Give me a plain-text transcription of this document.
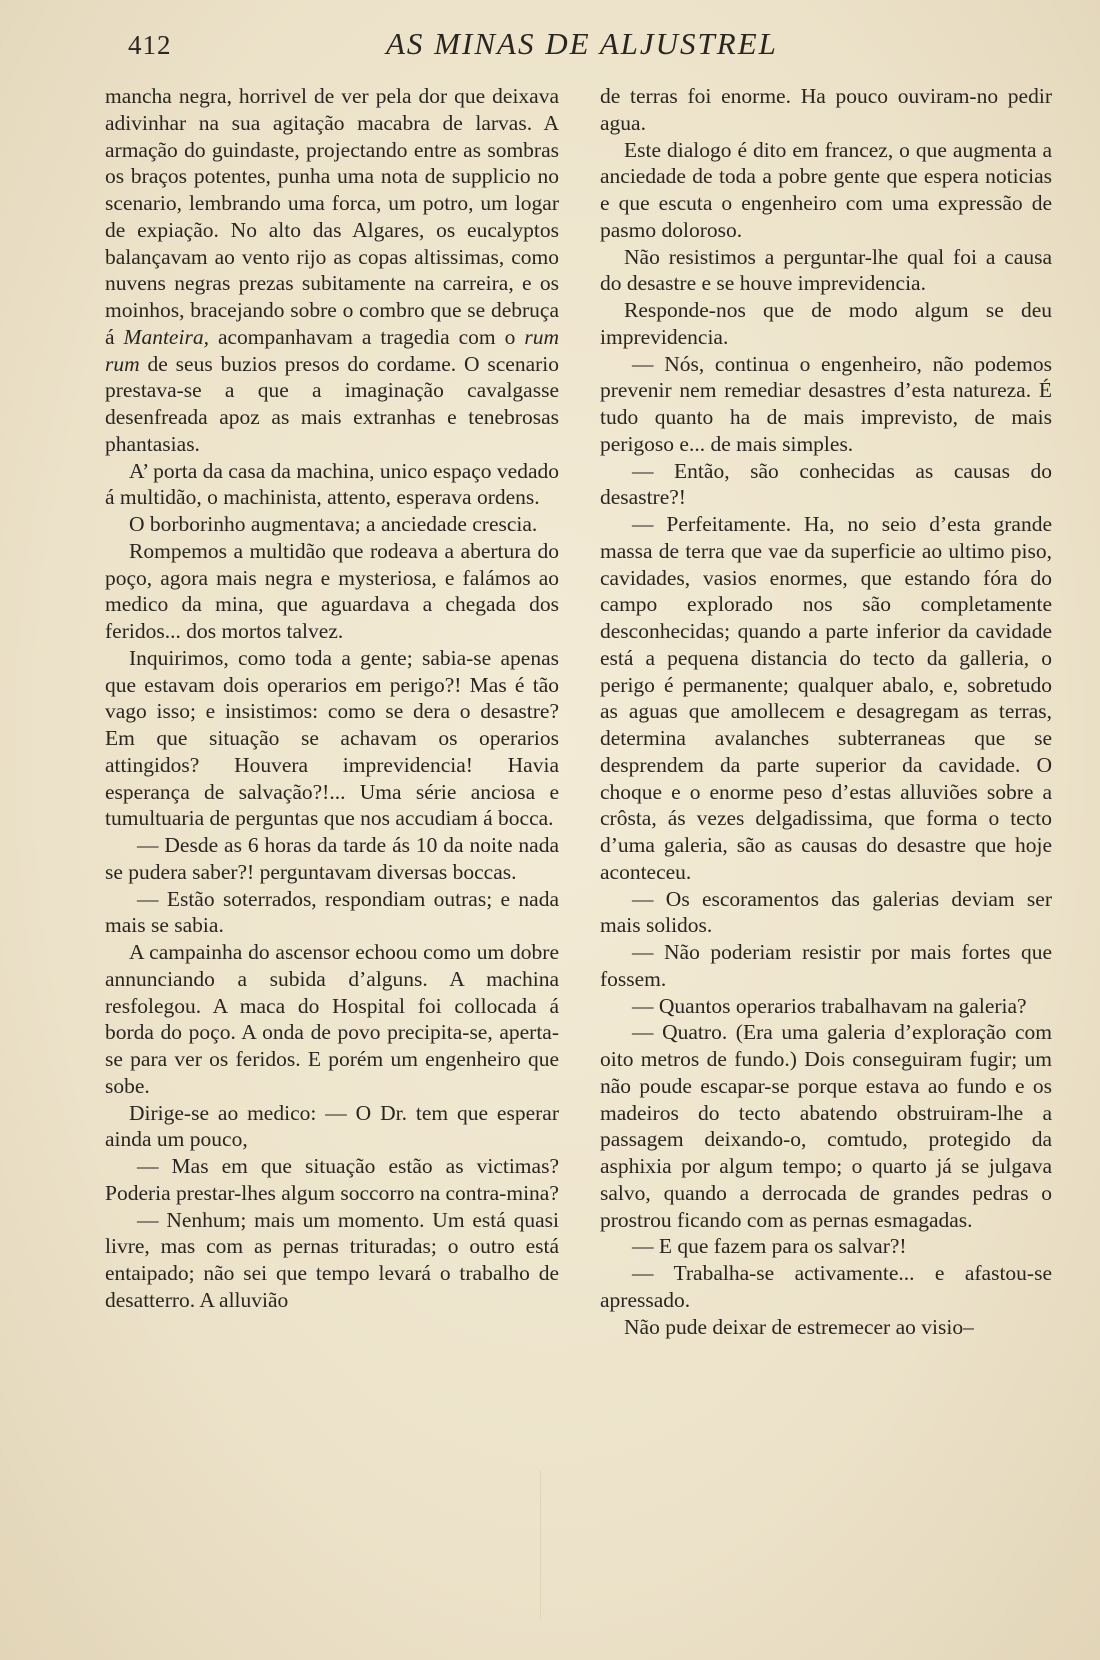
412	AS MINAS DE ALJUSTREL

mancha negra, horrivel de ver pela dor que deixava adivinhar na sua agitação macabra de larvas. A armação do guindaste, projectando entre as sombras os braços potentes, punha uma nota de supplicio no scenario, lembrando uma forca, um potro, um logar de expiação. No alto das Algares, os eucalyptos balançavam ao vento rijo as copas altissimas, como nuvens negras prezas subitamente na carreira, e os moinhos, bracejando sobre o combro que se debruça á Manteira, acompanhavam a tragedia com o rum rum de seus buzios presos do cordame. O scenario prestava-se a que a imaginação cavalgasse desenfreada apoz as mais extranhas e tenebrosas phantasias.

A’ porta da casa da machina, unico espaço vedado á multidão, o machinista, attento, esperava ordens.

O borborinho augmentava; a anciedade crescia.

Rompemos a multidão que rodeava a abertura do poço, agora mais negra e mysteriosa, e falámos ao medico da mina, que aguardava a chegada dos feridos... dos mortos talvez.

Inquirimos, como toda a gente; sabia-se apenas que estavam dois operarios em perigo?! Mas é tão vago isso; e insistimos: como se dera o desastre? Em que situação se achavam os operarios attingidos? Houvera imprevidencia! Havia esperança de salvação?!... Uma série anciosa e tumultuaria de perguntas que nos accudiam á bocca.

— Desde as 6 horas da tarde ás 10 da noite nada se pudera saber?! perguntavam diversas boccas.

— Estão soterrados, respondiam outras; e nada mais se sabia.

A campainha do ascensor echoou como um dobre annunciando a subida d’alguns. A machina resfolegou. A maca do Hospital foi collocada á borda do poço. A onda de povo precipita-se, aperta-se para ver os feridos. E porém um engenheiro que sobe.

Dirige-se ao medico: — O Dr. tem que esperar ainda um pouco,

— Mas em que situação estão as victimas? Poderia prestar-lhes algum soccorro na contra-mina?

— Nenhum; mais um momento. Um está quasi livre, mas com as pernas trituradas; o outro está entaipado; não sei que tempo levará o trabalho de desatterro. A alluvião

de terras foi enorme. Ha pouco ouviram-no pedir agua.

Este dialogo é dito em francez, o que augmenta a anciedade de toda a pobre gente que espera noticias e que escuta o engenheiro com uma expressão de pasmo doloroso.

Não resistimos a perguntar-lhe qual foi a causa do desastre e se houve imprevidencia.

Responde-nos que de modo algum se deu imprevidencia.

— Nós, continua o engenheiro, não podemos prevenir nem remediar desastres d’esta natureza. É tudo quanto ha de mais imprevisto, de mais perigoso e... de mais simples.

— Então, são conhecidas as causas do desastre?!

— Perfeitamente. Ha, no seio d’esta grande massa de terra que vae da superficie ao ultimo piso, cavidades, vasios enormes, que estando fóra do campo explorado nos são completamente desconhecidas; quando a parte inferior da cavidade está a pequena distancia do tecto da galleria, o perigo é permanente; qualquer abalo, e, sobretudo as aguas que amollecem e desagregam as terras, determina avalanches subterraneas que se desprendem da parte superior da cavidade. O choque e o enorme peso d’estas alluviões sobre a crôsta, ás vezes delgadissima, que forma o tecto d’uma galeria, são as causas do desastre que hoje aconteceu.

— Os escoramentos das galerias deviam ser mais solidos.

— Não poderiam resistir por mais fortes que fossem.

— Quantos operarios trabalhavam na galeria?

— Quatro. (Era uma galeria d’exploração com oito metros de fundo.) Dois conseguiram fugir; um não poude escapar-se porque estava ao fundo e os madeiros do tecto abatendo obstruiram-lhe a passagem deixando-o, comtudo, protegido da asphixia por algum tempo; o quarto já se julgava salvo, quando a derrocada de grandes pedras o prostrou ficando com as pernas esmagadas.

— E que fazem para os salvar?!

— Trabalha-se activamente... e afastou-se apressado.

Não pude deixar de estremecer ao visio–
